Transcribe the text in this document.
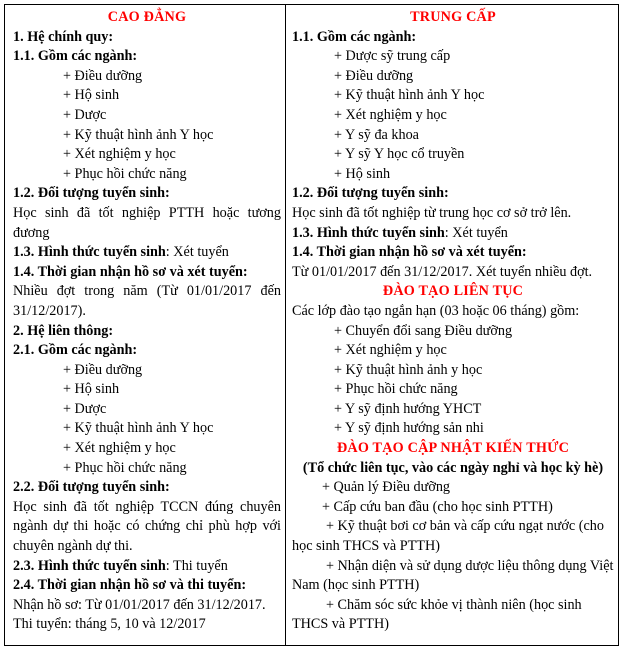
CAO ĐẲNG
1. Hệ chính quy:
1.1. Gồm các ngành:
+ Điều dưỡng
+ Hộ sinh
+ Dược
+ Kỹ thuật hình ảnh Y học
+ Xét nghiệm y học
+ Phục hồi chức năng
1.2. Đối tượng tuyển sinh:
Học sinh đã tốt nghiệp PTTH hoặc tương đương
1.3. Hình thức tuyển sinh: Xét tuyển
1.4. Thời gian nhận hồ sơ và xét tuyển:
Nhiều đợt trong năm (Từ 01/01/2017 đến 31/12/2017).
2. Hệ liên thông:
2.1. Gồm các ngành:
+ Điều dưỡng
+ Hộ sinh
+ Dược
+ Kỹ thuật hình ảnh Y học
+ Xét nghiệm y học
+ Phục hồi chức năng
2.2. Đối tượng tuyển sinh:
Học sinh đã tốt nghiệp TCCN đúng chuyên ngành dự thi hoặc có chứng chỉ phù hợp với chuyên ngành dự thi.
2.3. Hình thức tuyển sinh: Thi tuyển
2.4. Thời gian nhận hồ sơ và thi tuyển:
Nhận hồ sơ: Từ 01/01/2017 đến 31/12/2017.
Thi tuyển: tháng 5, 10 và 12/2017
TRUNG CẤP
1.1. Gồm các ngành:
+ Dược sỹ trung cấp
+ Điều dưỡng
+ Kỹ thuật hình ảnh Y học
+ Xét nghiệm y học
+ Y sỹ đa khoa
+ Y sỹ Y học cổ truyền
+ Hộ sinh
1.2. Đối tượng tuyển sinh:
Học sinh đã tốt nghiệp từ trung học cơ sở trở lên.
1.3. Hình thức tuyển sinh: Xét tuyển
1.4. Thời gian nhận hồ sơ và xét tuyển:
Từ 01/01/2017 đến 31/12/2017. Xét tuyển nhiều đợt.
ĐÀO TẠO LIÊN TỤC
Các lớp đào tạo ngắn hạn (03 hoặc 06 tháng) gồm:
+ Chuyển đổi sang Điều dưỡng
+ Xét nghiệm y học
+ Kỹ thuật hình ảnh y học
+ Phục hồi chức năng
+ Y sỹ định hướng YHCT
+ Y sỹ định hướng sản nhi
ĐÀO TẠO CẬP NHẬT KIẾN THỨC
(Tổ chức liên tục, vào các ngày nghỉ và học kỳ hè)
+ Quản lý Điều dưỡng
+ Cấp cứu ban đầu (cho học sinh PTTH)
+ Kỹ thuật bơi cơ bản và cấp cứu ngạt nước (cho học sinh THCS và PTTH)
+ Nhận diện và sử dụng dược liệu thông dụng Việt Nam (học sinh PTTH)
+ Chăm sóc sức khỏe vị thành niên (học sinh THCS và PTTH)
